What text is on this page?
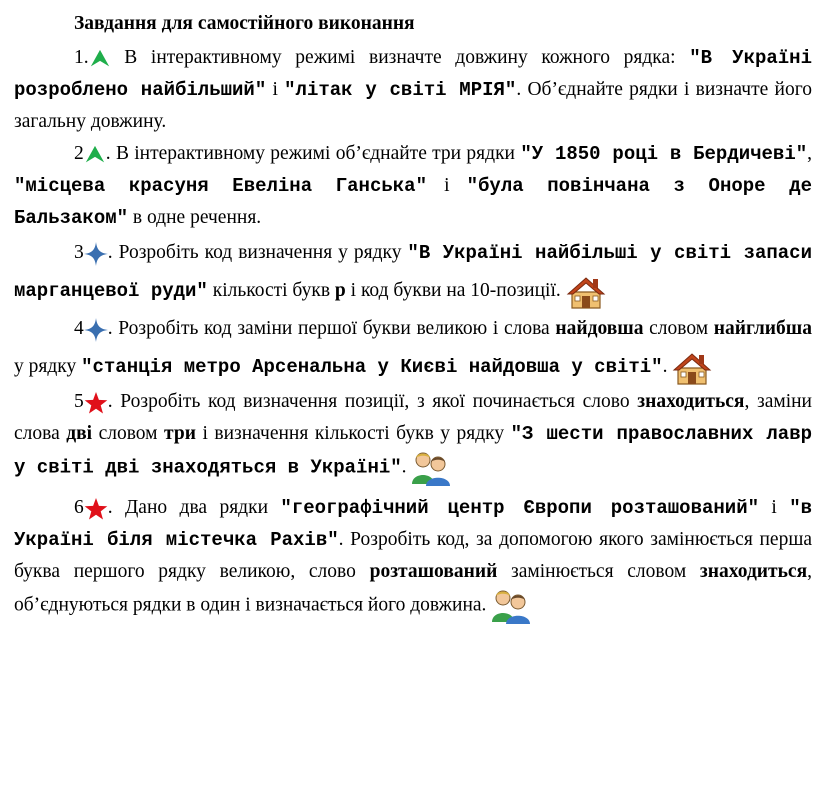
Завдання для самостійного виконання

1.
В інтерактивному режимі визначте довжину кожного рядка: "В Україні розроблено найбільший" і "літак у світі МРІЯ". Об’єднайте рядки і визначте його загальну довжину.

2 . В інтерактивному режимі об’єднайте три рядки "У 1850 році в Бердичеві", "місцева красуня Евеліна Ганська" і "була повінчана з Оноре де Бальзаком" в одне речення.

3 . Розробіть код визначення у рядку "В Україні найбільші у світі запаси марганцевої руди" кількості букв р і код букви на 10-позиції.

4 . Розробіть код заміни першої букви великою і слова найдовша словом найглибша у рядку "станція метро Арсенальна у Києві найдовша у світі".

5 . Розробіть код визначення позиції, з якої починається слово знаходиться, заміни слова дві словом три і визначення кількості букв у рядку "З шести православних лавр у світі дві знаходяться в Україні".

6 . Дано два рядки "географічний центр Європи розташований" і "в Україні біля містечка Рахів". Розробіть код, за допомогою якого замінюється перша буква першого рядку великою, слово розташований замінюється словом знаходиться, об’єднуються рядки в один і визначається його довжина.
